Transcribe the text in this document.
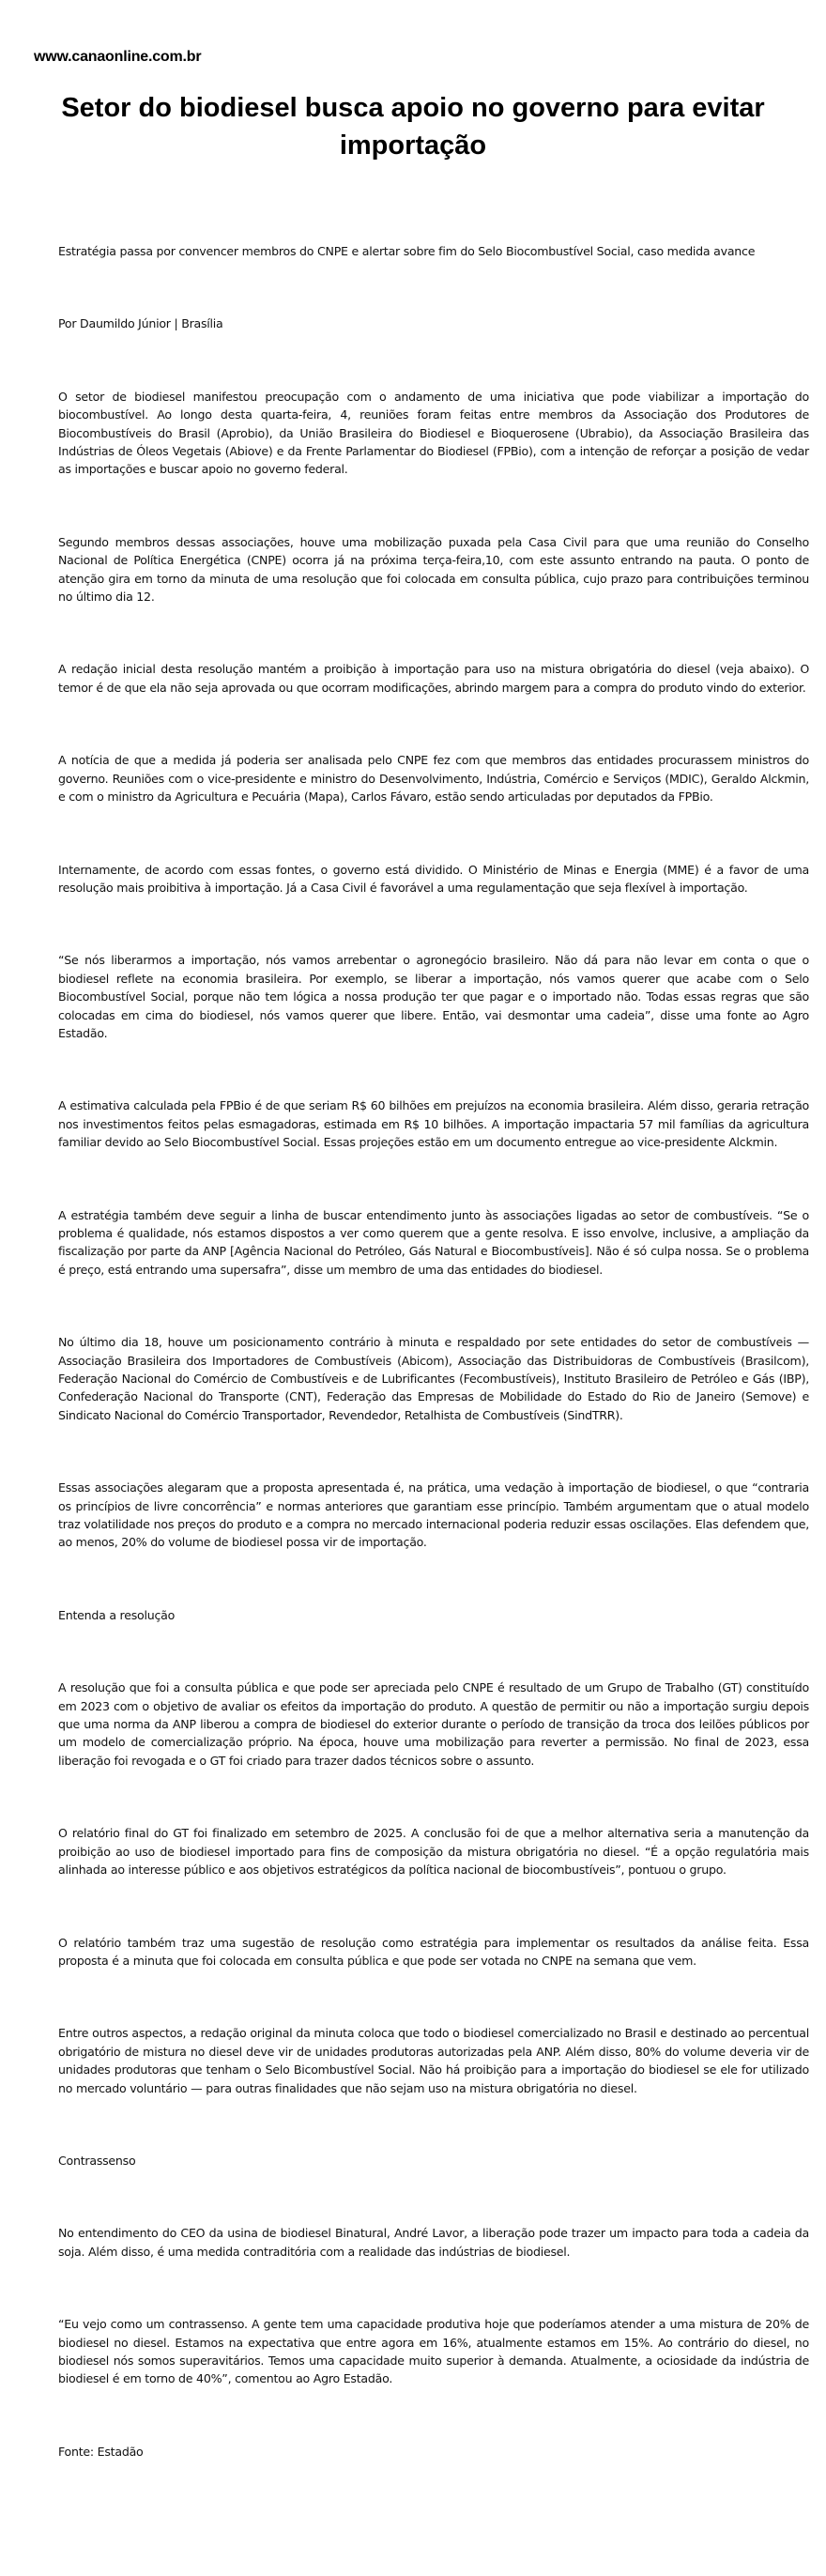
www.canaonline.com.br
Setor do biodiesel busca apoio no governo para evitar importação

Estratégia passa por convencer membros do CNPE e alertar sobre fim do Selo Biocombustível Social, caso medida avance

Por Daumildo Júnior | Brasília

O setor de biodiesel manifestou preocupação com o andamento de uma iniciativa que pode viabilizar a importação do biocombustível. Ao longo desta quarta-feira, 4, reuniões foram feitas entre membros da Associação dos Produtores de Biocombustíveis do Brasil (Aprobio), da União Brasileira do Biodiesel e Bioquerosene (Ubrabio), da Associação Brasileira das Indústrias de Óleos Vegetais (Abiove) e da Frente Parlamentar do Biodiesel (FPBio), com a intenção de reforçar a posição de vedar as importações e buscar apoio no governo federal.

Segundo membros dessas associações, houve uma mobilização puxada pela Casa Civil para que uma reunião do Conselho Nacional de Política Energética (CNPE) ocorra já na próxima terça-feira,10, com este assunto entrando na pauta. O ponto de atenção gira em torno da minuta de uma resolução que foi colocada em consulta pública, cujo prazo para contribuições terminou no último dia 12.

A redação inicial desta resolução mantém a proibição à importação para uso na mistura obrigatória do diesel (veja abaixo). O temor é de que ela não seja aprovada ou que ocorram modificações, abrindo margem para a compra do produto vindo do exterior.

A notícia de que a medida já poderia ser analisada pelo CNPE fez com que membros das entidades procurassem ministros do governo. Reuniões com o vice-presidente e ministro do Desenvolvimento, Indústria, Comércio e Serviços (MDIC), Geraldo Alckmin, e com o ministro da Agricultura e Pecuária (Mapa), Carlos Fávaro, estão sendo articuladas por deputados da FPBio.

Internamente, de acordo com essas fontes, o governo está dividido. O Ministério de Minas e Energia (MME) é a favor de uma resolução mais proibitiva à importação. Já a Casa Civil é favorável a uma regulamentação que seja flexível à importação.

“Se nós liberarmos a importação, nós vamos arrebentar o agronegócio brasileiro. Não dá para não levar em conta o que o biodiesel reflete na economia brasileira. Por exemplo, se liberar a importação, nós vamos querer que acabe com o Selo Biocombustível Social, porque não tem lógica a nossa produção ter que pagar e o importado não. Todas essas regras que são colocadas em cima do biodiesel, nós vamos querer que libere. Então, vai desmontar uma cadeia”, disse uma fonte ao Agro Estadão.

A estimativa calculada pela FPBio é de que seriam R$ 60 bilhões em prejuízos na economia brasileira. Além disso, geraria retração nos investimentos feitos pelas esmagadoras, estimada em R$ 10 bilhões. A importação impactaria 57 mil famílias da agricultura familiar devido ao Selo Biocombustível Social. Essas projeções estão em um documento entregue ao vice-presidente Alckmin.

A estratégia também deve seguir a linha de buscar entendimento junto às associações ligadas ao setor de combustíveis. “Se o problema é qualidade, nós estamos dispostos a ver como querem que a gente resolva. E isso envolve, inclusive, a ampliação da fiscalização por parte da ANP [Agência Nacional do Petróleo, Gás Natural e Biocombustíveis]. Não é só culpa nossa. Se o problema é preço, está entrando uma supersafra”, disse um membro de uma das entidades do biodiesel.

No último dia 18, houve um posicionamento contrário à minuta e respaldado por sete entidades do setor de combustíveis — Associação Brasileira dos Importadores de Combustíveis (Abicom), Associação das Distribuidoras de Combustíveis (Brasilcom), Federação Nacional do Comércio de Combustíveis e de Lubrificantes (Fecombustíveis), Instituto Brasileiro de Petróleo e Gás (IBP), Confederação Nacional do Transporte (CNT), Federação das Empresas de Mobilidade do Estado do Rio de Janeiro (Semove) e Sindicato Nacional do Comércio Transportador, Revendedor, Retalhista de Combustíveis (SindTRR).

Essas associações alegaram que a proposta apresentada é, na prática, uma vedação à importação de biodiesel, o que “contraria os princípios de livre concorrência” e normas anteriores que garantiam esse princípio. Também argumentam que o atual modelo traz volatilidade nos preços do produto e a compra no mercado internacional poderia reduzir essas oscilações. Elas defendem que, ao menos, 20% do volume de biodiesel possa vir de importação.

Entenda a resolução

A resolução que foi a consulta pública e que pode ser apreciada pelo CNPE é resultado de um Grupo de Trabalho (GT) constituído em 2023 com o objetivo de avaliar os efeitos da importação do produto. A questão de permitir ou não a importação surgiu depois que uma norma da ANP liberou a compra de biodiesel do exterior durante o período de transição da troca dos leilões públicos por um modelo de comercialização próprio. Na época, houve uma mobilização para reverter a permissão. No final de 2023, essa liberação foi revogada e o GT foi criado para trazer dados técnicos sobre o assunto.

O relatório final do GT foi finalizado em setembro de 2025. A conclusão foi de que a melhor alternativa seria a manutenção da proibição ao uso de biodiesel importado para fins de composição da mistura obrigatória no diesel. “É a opção regulatória mais alinhada ao interesse público e aos objetivos estratégicos da política nacional de biocombustíveis”, pontuou o grupo.

O relatório também traz uma sugestão de resolução como estratégia para implementar os resultados da análise feita. Essa proposta é a minuta que foi colocada em consulta pública e que pode ser votada no CNPE na semana que vem.

Entre outros aspectos, a redação original da minuta coloca que todo o biodiesel comercializado no Brasil e destinado ao percentual obrigatório de mistura no diesel deve vir de unidades produtoras autorizadas pela ANP. Além disso, 80% do volume deveria vir de unidades produtoras que tenham o Selo Bicombustível Social. Não há proibição para a importação do biodiesel se ele for utilizado no mercado voluntário — para outras finalidades que não sejam uso na mistura obrigatória no diesel.

Contrassenso

No entendimento do CEO da usina de biodiesel Binatural, André Lavor, a liberação pode trazer um impacto para toda a cadeia da soja. Além disso, é uma medida contraditória com a realidade das indústrias de biodiesel.

“Eu vejo como um contrassenso. A gente tem uma capacidade produtiva hoje que poderíamos atender a uma mistura de 20% de biodiesel no diesel. Estamos na expectativa que entre agora em 16%, atualmente estamos em 15%. Ao contrário do diesel, no biodiesel nós somos superavitários. Temos uma capacidade muito superior à demanda. Atualmente, a ociosidade da indústria de biodiesel é em torno de 40%”, comentou ao Agro Estadão.

Fonte: Estadão
